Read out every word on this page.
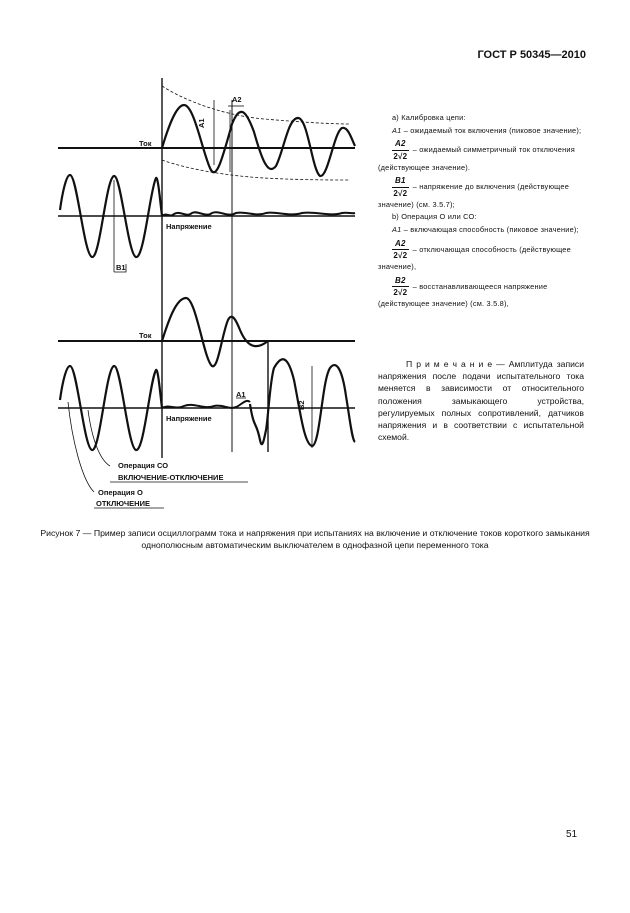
ГОСТ Р 50345—2010
Ток
Напряжение
Ток
Напряжение
A1
A2
B1
B2
A1
Операция СО
ВКЛЮЧЕНИЕ-ОТКЛЮЧЕНИЕ
Операция О
ОТКЛЮЧЕНИЕ
а) Калибровка цепи:
A1 – ожидаемый ток включения (пиковое значение);
$\frac{A2}{2√2}$ – ожидаемый симметричный ток отключения (действующее значение).
$\frac{B1}{2√2}$ – напряжение до включения (действующее значение) (см. 3.5.7);
b) Операция О или СО:
A1 – включающая способность (пиковое значение);
$\frac{A2}{2√2}$ – отключающая способность (действующее значение),
$\frac{B2}{2√2}$ – восстанавливающееся напряжение (действующее значение) (см. 3.5.8),
П р и м е ч а н и е — Амплитуда записи напряжения после подачи испытательного тока меняется в зависимости от относительного положения замыкающего устройства, регулируемых полных сопротивлений, датчиков напряжения и в соответствии с испытательной схемой.
Рисунок 7 — Пример записи осциллограмм тока и напряжения при испытаниях на включение и отключение токов короткого замыкания однополюсным автоматическим выключателем в однофазной цепи переменного тока
51
